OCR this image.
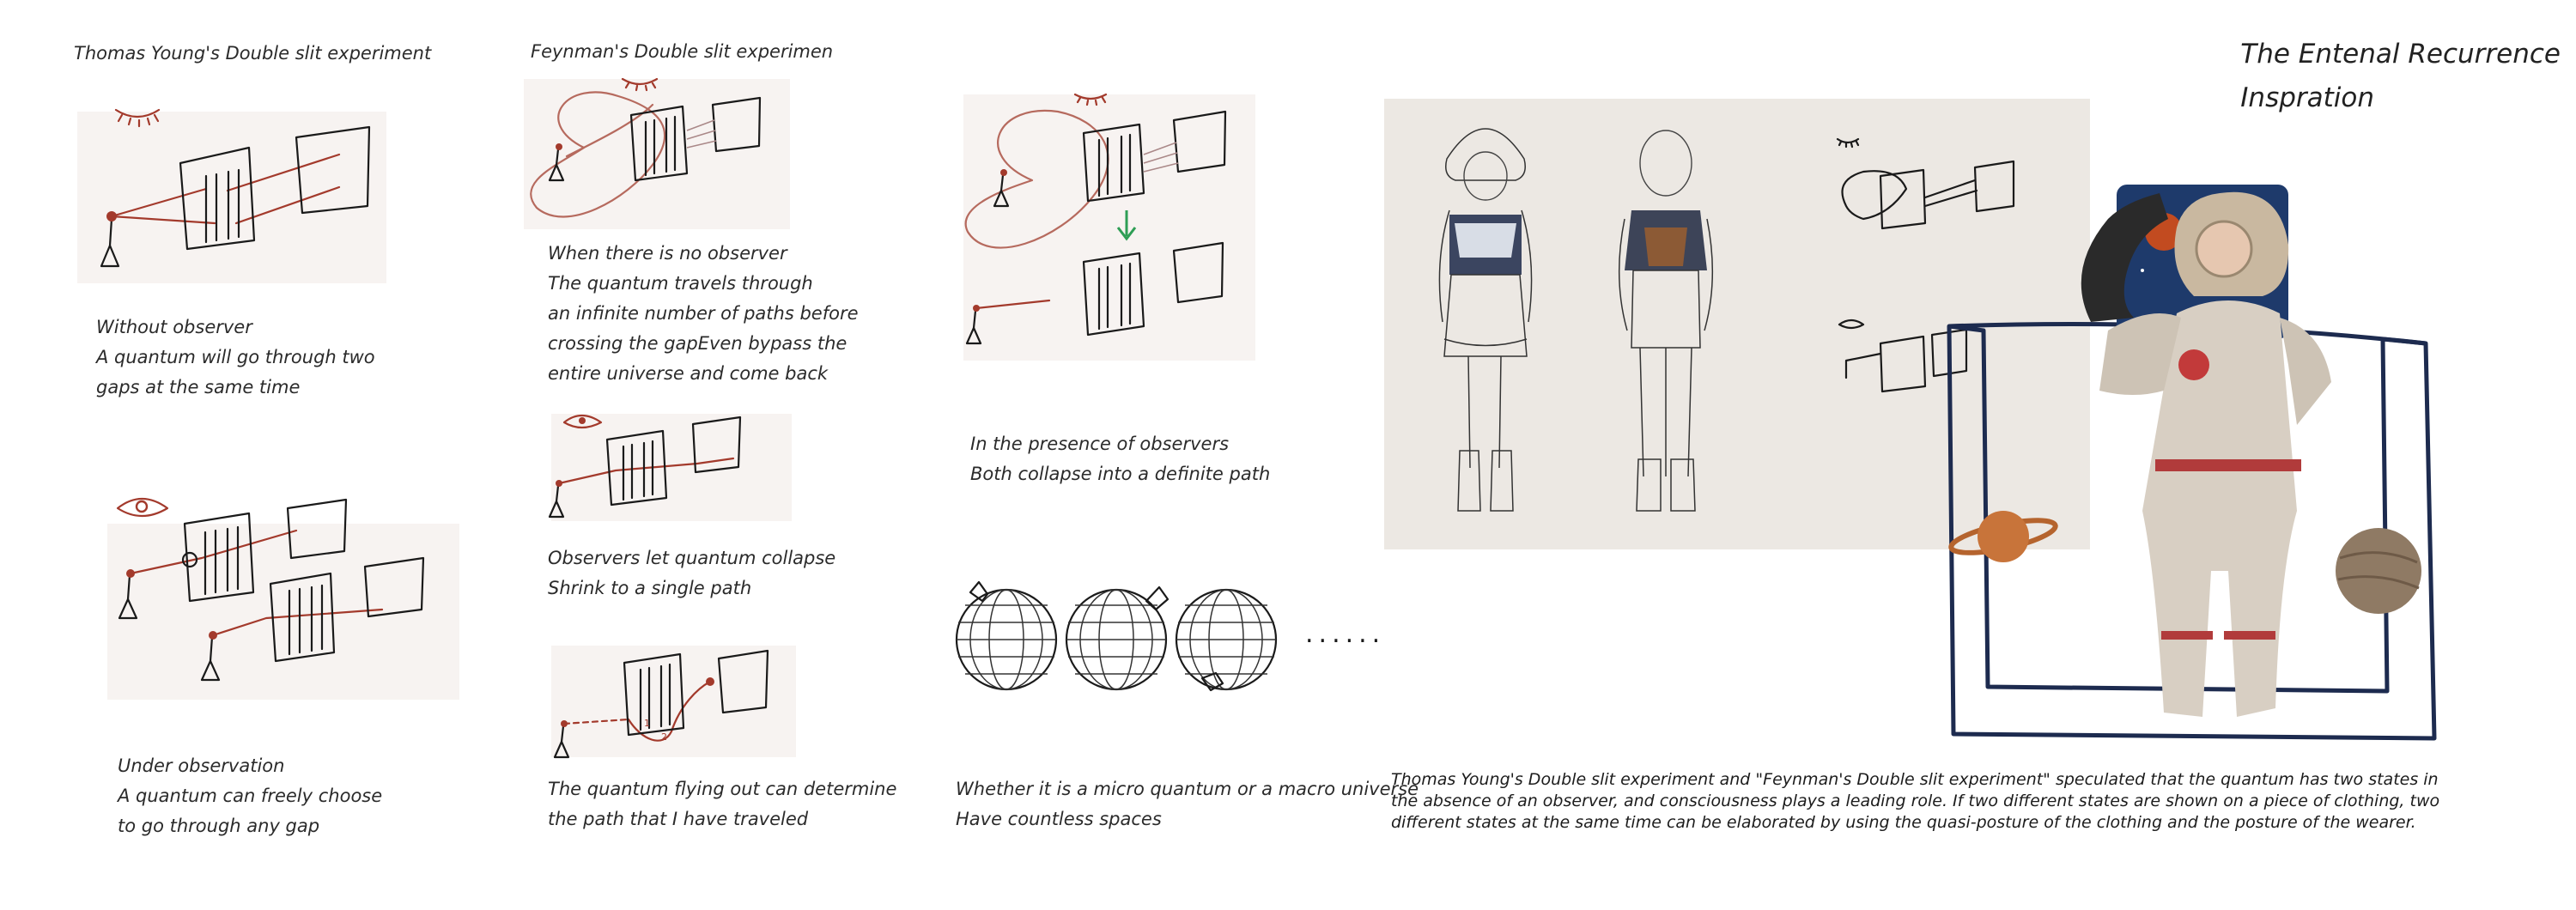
Thomas Young's Double slit experiment
Without observer
A quantum will go through two
gaps at the same time
Under observation
A quantum can freely choose
to go through any gap
Feynman's Double slit experimen
When there is no observer
The quantum travels through
an infinite number of paths before
crossing the gapEven bypass the
entire universe and come back
Observers let quantum collapse
Shrink to a single path
1
2
The quantum flying out can determine
the path that I have traveled
In the presence of observers
Both collapse into a definite path
......
Whether it is a micro quantum or a macro universe
Have countless spaces
The Entenal Recurrence
Inspration
Thomas Young's Double slit experiment and "Feynman's Double slit experiment" speculated that the quantum has two states in
the absence of an observer, and consciousness plays a leading role. If two different states are shown on a piece of clothing, two
different states at the same time can be elaborated by using the quasi-posture of the clothing and the posture of the wearer.
